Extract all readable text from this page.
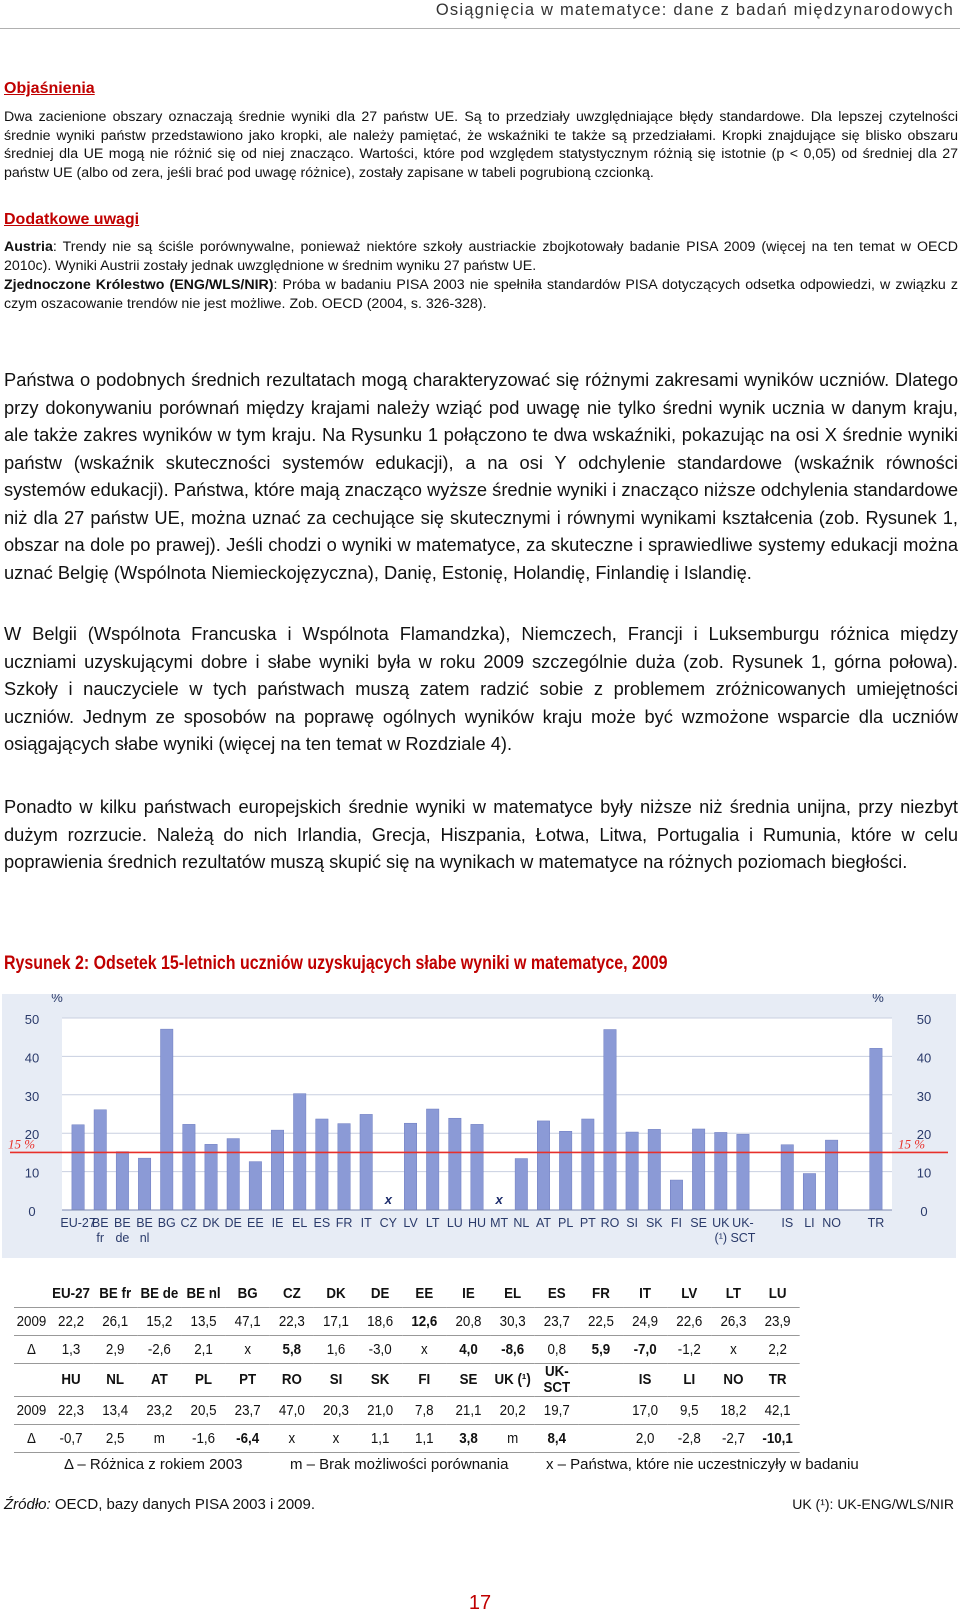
Osiągnięcia w matematyce: dane z badań międzynarodowych
Objaśnienia
Dwa zacienione obszary oznaczają średnie wyniki dla 27 państw UE. Są to przedziały uwzględniające błędy standardowe. Dla lepszej czytelności średnie wyniki państw przedstawiono jako kropki, ale należy pamiętać, że wskaźniki te także są przedziałami. Kropki znajdujące się blisko obszaru średniej dla UE mogą nie różnić się od niej znacząco. Wartości, które pod względem statystycznym różnią się istotnie (p < 0,05) od średniej dla 27 państw UE (albo od zera, jeśli brać pod uwagę różnice), zostały zapisane w tabeli pogrubioną czcionką.
Dodatkowe uwagi
Austria: Trendy nie są ściśle porównywalne, ponieważ niektóre szkoły austriackie zbojkotowały badanie PISA 2009 (więcej na ten temat w OECD 2010c). Wyniki Austrii zostały jednak uwzględnione w średnim wyniku 27 państw UE.
Zjednoczone Królestwo (ENG/WLS/NIR): Próba w badaniu PISA 2003 nie spełniła standardów PISA dotyczących odsetka odpowiedzi, w związku z czym oszacowanie trendów nie jest możliwe. Zob. OECD (2004, s. 326-328).
Państwa o podobnych średnich rezultatach mogą charakteryzować się różnymi zakresami wyników uczniów. Dlatego przy dokonywaniu porównań między krajami należy wziąć pod uwagę nie tylko średni wynik ucznia w danym kraju, ale także zakres wyników w tym kraju. Na Rysunku 1 połączono te dwa wskaźniki, pokazując na osi X średnie wyniki państw (wskaźnik skuteczności systemów edukacji), a na osi Y odchylenie standardowe (wskaźnik równości systemów edukacji). Państwa, które mają znacząco wyższe średnie wyniki i znacząco niższe odchylenia standardowe niż dla 27 państw UE, można uznać za cechujące się skutecznymi i równymi wynikami kształcenia (zob. Rysunek 1, obszar na dole po prawej). Jeśli chodzi o wyniki w matematyce, za skuteczne i sprawiedliwe systemy edukacji można uznać Belgię (Wspólnota Niemieckojęzyczna), Danię, Estonię, Holandię, Finlandię i Islandię.
W Belgii (Wspólnota Francuska i Wspólnota Flamandzka), Niemczech, Francji i Luksemburgu różnica między uczniami uzyskującymi dobre i słabe wyniki była w roku 2009 szczególnie duża (zob. Rysunek 1, górna połowa). Szkoły i nauczyciele w tych państwach muszą zatem radzić sobie z problemem zróżnicowanych umiejętności uczniów. Jednym ze sposobów na poprawę ogólnych wyników kraju może być wzmożone wsparcie dla uczniów osiągających słabe wyniki (więcej na ten temat w Rozdziale 4).
Ponadto w kilku państwach europejskich średnie wyniki w matematyce były niższe niż średnia unijna, przy niezbyt dużym rozrzucie. Należą do nich Irlandia, Grecja, Hiszpania, Łotwa, Litwa, Portugalia i Rumunia, które w celu poprawienia średnich rezultatów muszą skupić się na wynikach w matematyce na różnych poziomach biegłości.
Rysunek 2: Odsetek 15-letnich uczniów uzyskujących słabe wyniki w matematyce, 2009
0	0
10	10
20	20
30	30
40	40
50	50
%	%
EU-27
BE
fr
BE
de
BE
nl
BG CZ DK DE EE IE EL ES FR IT
x
CY LV LT LU HU
x
MT NL AT PL PT RO SI SK FI SE UK
(¹)
UK-
SCT
IS LI NO TR
15 %	15 %
	EU-27	BE fr	BE de	BE nl	BG	CZ	DK	DE	EE	IE	EL	ES	FR	IT	LV	LT	LU
2009	22,2	26,1	15,2	13,5	47,1	22,3	17,1	18,6	12,6	20,8	30,3	23,7	22,5	24,9	22,6	26,3	23,9
Δ	1,3	2,9	-2,6	2,1	x	5,8	1,6	-3,0	x	4,0	-8,6	0,8	5,9	-7,0	-1,2	x	2,2
	HU	NL	AT	PL	PT	RO	SI	SK	FI	SE	UK (¹)	UK-SCT		IS	LI	NO	TR
2009	22,3	13,4	23,2	20,5	23,7	47,0	20,3	21,0	7,8	21,1	20,2	19,7		17,0	9,5	18,2	42,1
Δ	-0,7	2,5	m	-1,6	-6,4	x	x	1,1	1,1	3,8	m	8,4		2,0	-2,8	-2,7	-10,1
Δ – Różnica z rokiem 2003	m – Brak możliwości porównania	x – Państwa, które nie uczestniczyły w badaniu
Źródło: OECD, bazy danych PISA 2003 i 2009.	UK (¹): UK-ENG/WLS/NIR
17
